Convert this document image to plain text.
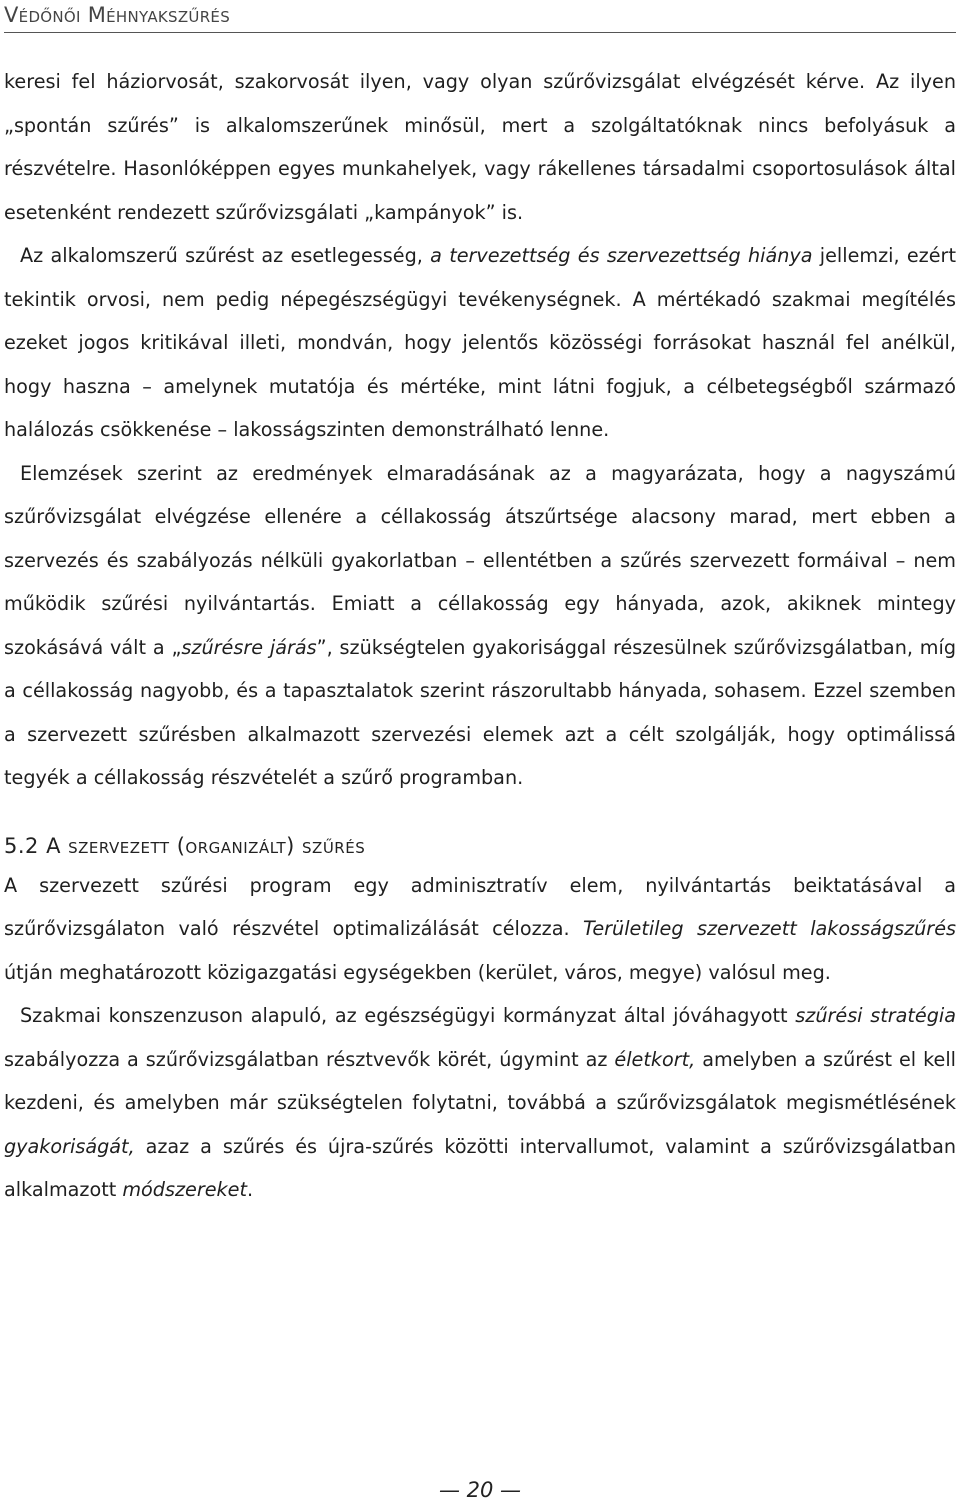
Védőnői Méhnyakszűrés

keresi fel háziorvosát, szakorvosát ilyen, vagy olyan szűrővizsgálat elvégzését kérve. Az ilyen „spontán szűrés” is alkalomszerűnek minősül, mert a szolgáltatóknak nincs befolyásuk a részvételre. Hasonlóképpen egyes munkahelyek, vagy rákellenes társadalmi csoportosulások által esetenként rendezett szűrővizsgálati „kampányok” is.

Az alkalomszerű szűrést az esetlegesség, a tervezettség és szervezettség hiánya jellemzi, ezért tekintik orvosi, nem pedig népegészségügyi tevékenységnek. A mértékadó szakmai megítélés ezeket jogos kritikával illeti, mondván, hogy jelentős közösségi forrásokat használ fel anélkül, hogy haszna – amelynek mutatója és mértéke, mint látni fogjuk, a célbetegségből származó halálozás csökkenése – lakosságszinten demonstrálható lenne.

Elemzések szerint az eredmények elmaradásának az a magyarázata, hogy a nagyszámú szűrővizsgálat elvégzése ellenére a céllakosság átszűrtsége alacsony marad, mert ebben a szervezés és szabályozás nélküli gyakorlatban – ellentétben a szűrés szervezett formáival – nem működik szűrési nyilvántartás. Emiatt a céllakosság egy hányada, azok, akiknek mintegy szokásává vált a „szűrésre járás”, szükségtelen gyakorisággal részesülnek szűrővizsgálatban, míg a céllakosság nagyobb, és a tapasztalatok szerint rászorultabb hányada, sohasem. Ezzel szemben a szervezett szűrésben alkalmazott szervezési elemek azt a célt szolgálják, hogy optimálissá tegyék a céllakosság részvételét a szűrő programban.

5.2 A szervezett (organizált) szűrés

A szervezett szűrési program egy adminisztratív elem, nyilvántartás beiktatásával a szűrővizsgálaton való részvétel optimalizálását célozza. Területileg szervezett lakosságszűrés útján meghatározott közigazgatási egységekben (kerület, város, megye) valósul meg.

Szakmai konszenzuson alapuló, az egészségügyi kormányzat által jóváhagyott szűrési stratégia szabályozza a szűrővizsgálatban résztvevők körét, úgymint az életkort, amelyben a szűrést el kell kezdeni, és amelyben már szükségtelen folytatni, továbbá a szűrővizsgálatok megismétlésének gyakoriságát, azaz a szűrés és újra-szűrés közötti intervallumot, valamint a szűrővizsgálatban alkalmazott módszereket.

— 20 —
